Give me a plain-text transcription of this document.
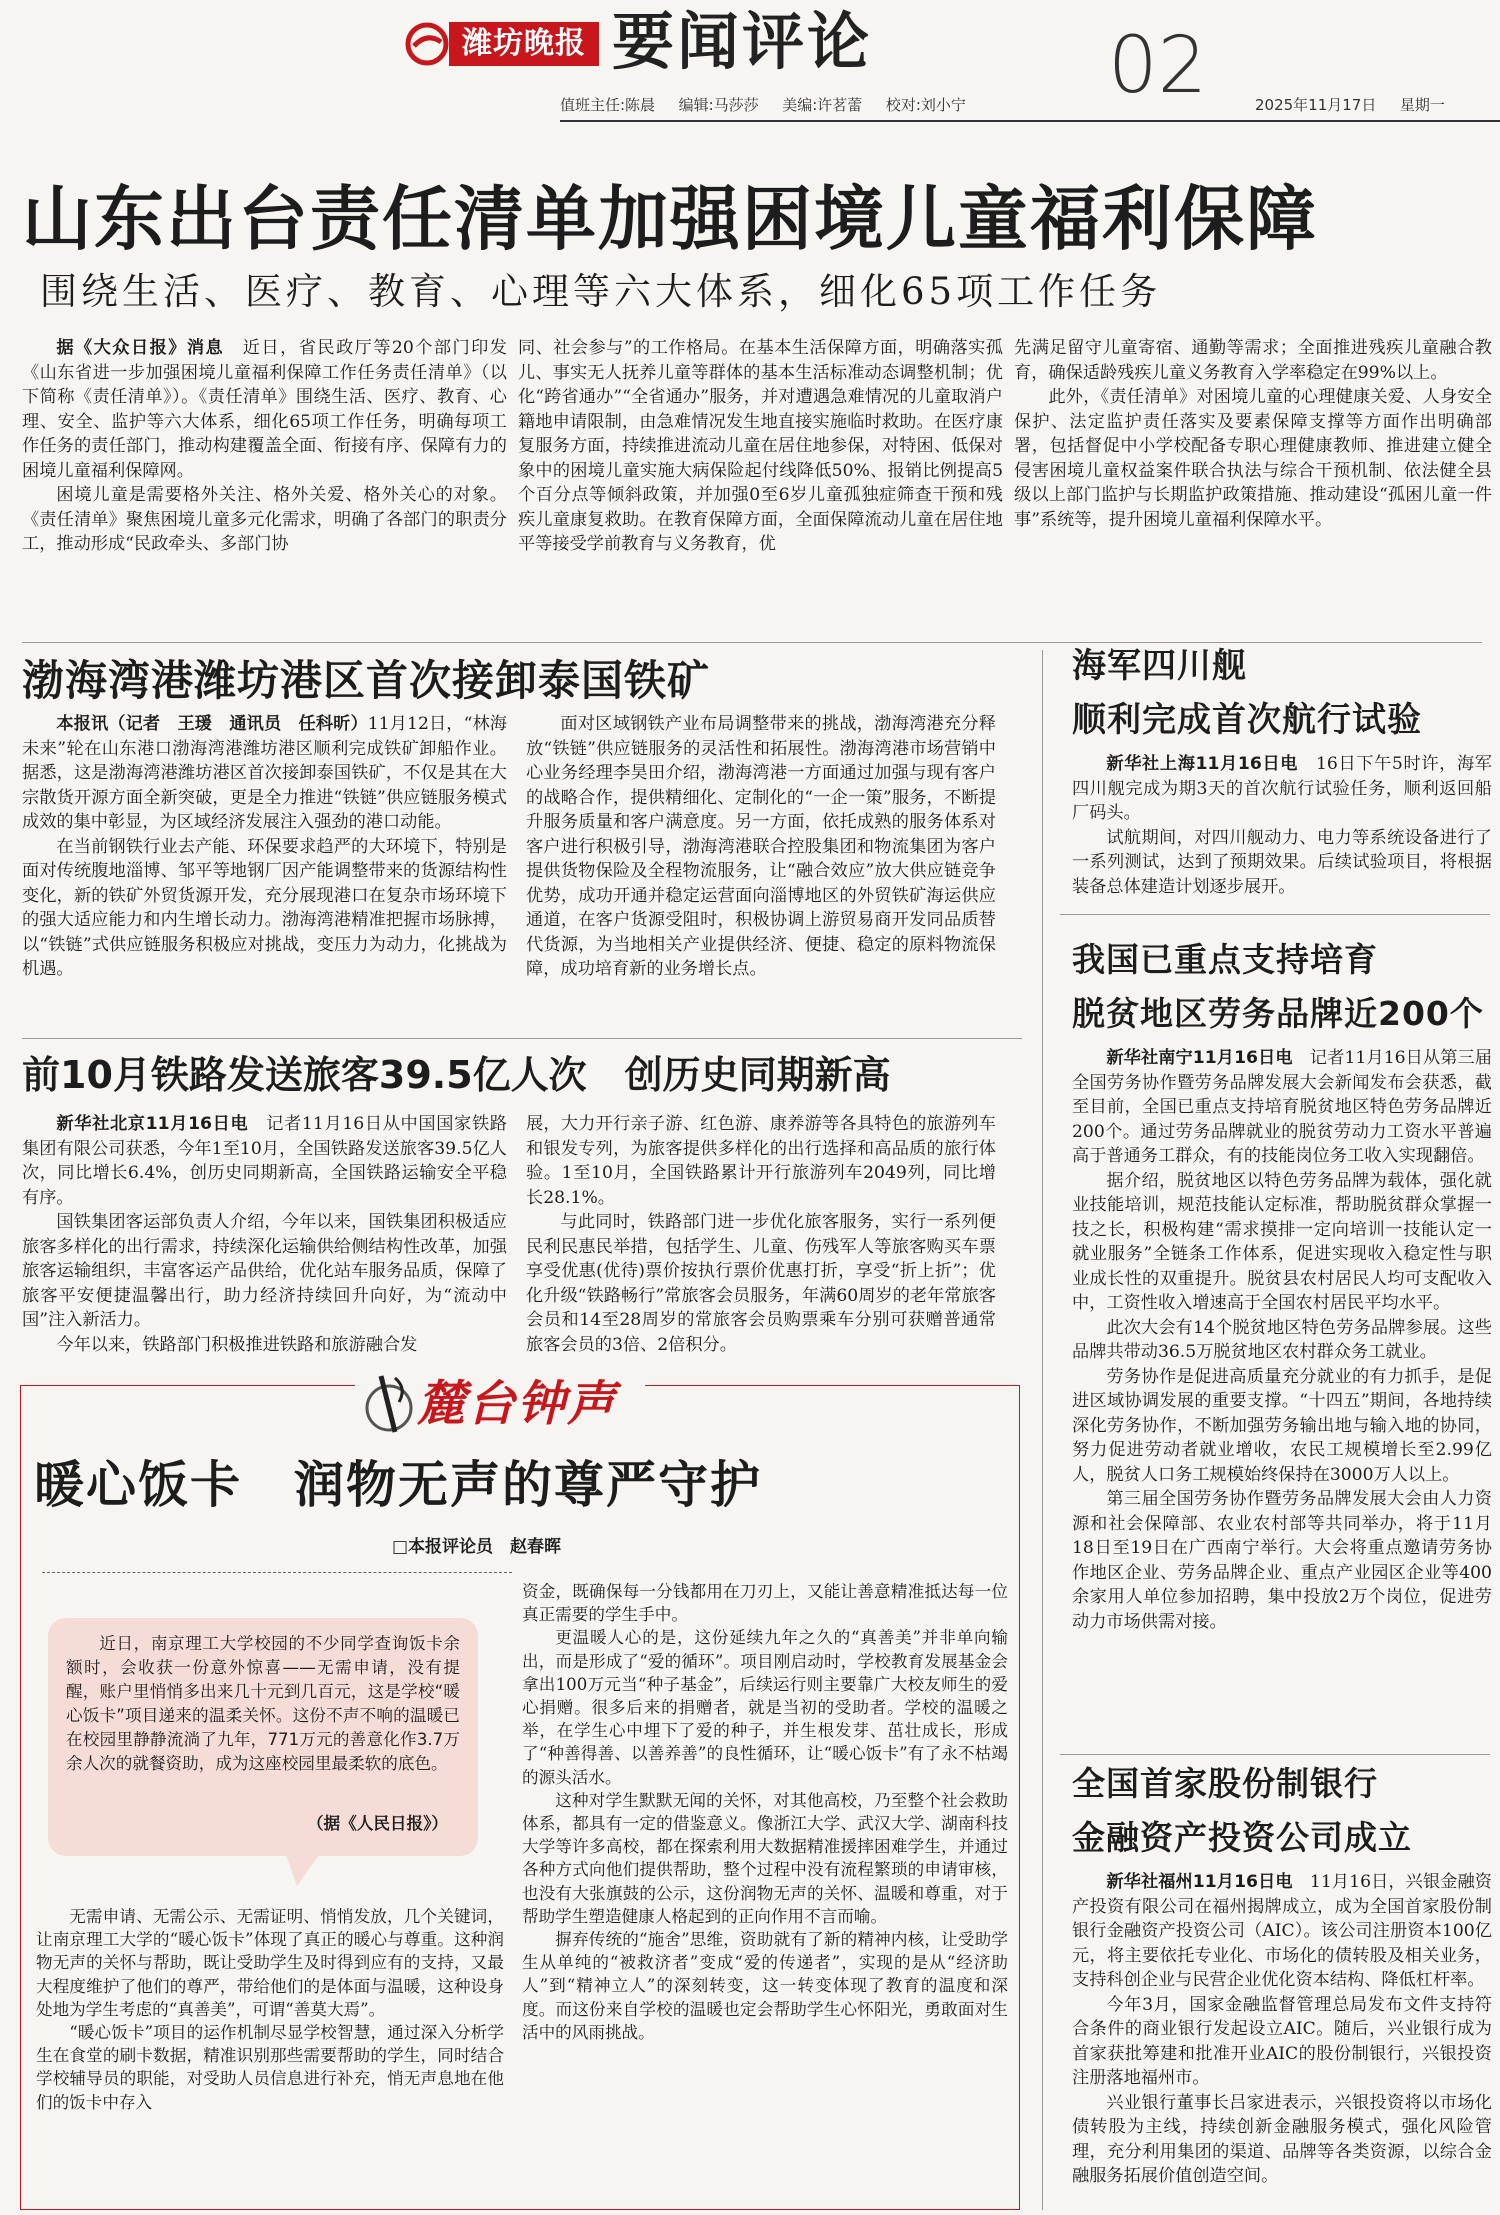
潍坊晚报 要闻评论	02
值班主任:陈晨 编辑:马莎莎 美编:许茗蕾 校对:刘小宁	2025年11月17日 星期一
山东出台责任清单加强困境儿童福利保障
围绕生活、医疗、教育、心理等六大体系，细化65项工作任务

据《大众日报》消息　 近日，省民政厅等20个部门印发《山东省进一步加强困境儿童福利保障工作任务责任清单》（以下简称《责任清单》）。《责任清单》围绕生活、医疗、教育、心理、安全、监护等六大体系，细化65项工作任务，明确每项工作任务的责任部门，推动构建覆盖全面、衔接有序、保障有力的困境儿童福利保障网。

困境儿童是需要格外关注、格外关爱、格外关心的对象。《责任清单》聚焦困境儿童多元化需求，明确了各部门的职责分工，推动形成“民政牵头、多部门协

同、社会参与”的工作格局。在基本生活保障方面，明确落实孤儿、事实无人抚养儿童等群体的基本生活标准动态调整机制；优化“跨省通办”“全省通办”服务，并对遭遇急难情况的儿童取消户籍地申请限制，由急难情况发生地直接实施临时救助。在医疗康复服务方面，持续推进流动儿童在居住地参保，对特困、低保对象中的困境儿童实施大病保险起付线降低50%、报销比例提高5个百分点等倾斜政策，并加强0至6岁儿童孤独症筛查干预和残疾儿童康复救助。在教育保障方面，全面保障流动儿童在居住地平等接受学前教育与义务教育，优

先满足留守儿童寄宿、通勤等需求；全面推进残疾儿童融合教育，确保适龄残疾儿童义务教育入学率稳定在99%以上。

此外，《责任清单》对困境儿童的心理健康关爱、人身安全保护、法定监护责任落实及要素保障支撑等方面作出明确部署，包括督促中小学校配备专职心理健康教师、推进建立健全侵害困境儿童权益案件联合执法与综合干预机制、依法健全县级以上部门监护与长期监护政策措施、推动建设“孤困儿童一件事”系统等，提升困境儿童福利保障水平。

渤海湾港潍坊港区首次接卸泰国铁矿

本报讯（记者　王瑗　通讯员　任科昕）11月12日，“林海未来”轮在山东港口渤海湾港潍坊港区顺利完成铁矿卸船作业。据悉，这是渤海湾港潍坊港区首次接卸泰国铁矿，不仅是其在大宗散货开源方面全新突破，更是全力推进“铁链”供应链服务模式成效的集中彰显，为区域经济发展注入强劲的港口动能。

在当前钢铁行业去产能、环保要求趋严的大环境下，特别是面对传统腹地淄博、邹平等地钢厂因产能调整带来的货源结构性变化，新的铁矿外贸货源开发，充分展现港口在复杂市场环境下的强大适应能力和内生增长动力。渤海湾港精准把握市场脉搏，以“铁链”式供应链服务积极应对挑战，变压力为动力，化挑战为机遇。

面对区域钢铁产业布局调整带来的挑战，渤海湾港充分释放“铁链”供应链服务的灵活性和拓展性。渤海湾港市场营销中心业务经理李昊田介绍，渤海湾港一方面通过加强与现有客户的战略合作，提供精细化、定制化的“一企一策”服务，不断提升服务质量和客户满意度。另一方面，依托成熟的服务体系对客户进行积极引导，渤海湾港联合控股集团和物流集团为客户提供货物保险及全程物流服务，让“融合效应”放大供应链竞争优势，成功开通并稳定运营面向淄博地区的外贸铁矿海运供应通道，在客户货源受阻时，积极协调上游贸易商开发同品质替代货源，为当地相关产业提供经济、便捷、稳定的原料物流保障，成功培育新的业务增长点。

前10月铁路发送旅客39.5亿人次　创历史同期新高

新华社北京11月16日电　 记者11月16日从中国国家铁路集团有限公司获悉，今年1至10月，全国铁路发送旅客39.5亿人次，同比增长6.4%，创历史同期新高，全国铁路运输安全平稳有序。

国铁集团客运部负责人介绍，今年以来，国铁集团积极适应旅客多样化的出行需求，持续深化运输供给侧结构性改革，加强旅客运输组织，丰富客运产品供给，优化站车服务品质，保障了旅客平安便捷温馨出行，助力经济持续回升向好，为“流动中国”注入新活力。

今年以来，铁路部门积极推进铁路和旅游融合发

展，大力开行亲子游、红色游、康养游等各具特色的旅游列车和银发专列，为旅客提供多样化的出行选择和高品质的旅行体验。1至10月，全国铁路累计开行旅游列车2049列，同比增长28.1%。

与此同时，铁路部门进一步优化旅客服务，实行一系列便民利民惠民举措，包括学生、儿童、伤残军人等旅客购买车票享受优惠(优待)票价按执行票价优惠打折，享受“折上折”；优化升级“铁路畅行”常旅客会员服务，年满60周岁的老年常旅客会员和14至28周岁的常旅客会员购票乘车分别可获赠普通常旅客会员的3倍、2倍积分。

麓台钟声
暖心饭卡　润物无声的尊严守护
□本报评论员　赵春晖

近日，南京理工大学校园的不少同学查询饭卡余额时，会收获一份意外惊喜——无需申请，没有提醒，账户里悄悄多出来几十元到几百元，这是学校“暖心饭卡”项目递来的温柔关怀。这份不声不响的温暖已在校园里静静流淌了九年，771万元的善意化作3.7万余人次的就餐资助，成为这座校园里最柔软的底色。

（据《人民日报》）

无需申请、无需公示、无需证明、悄悄发放，几个关键词，让南京理工大学的“暖心饭卡”体现了真正的暖心与尊重。这种润物无声的关怀与帮助，既让受助学生及时得到应有的支持，又最大程度维护了他们的尊严，带给他们的是体面与温暖，这种设身处地为学生考虑的“真善美”，可谓“善莫大焉”。

“暖心饭卡”项目的运作机制尽显学校智慧，通过深入分析学生在食堂的刷卡数据，精准识别那些需要帮助的学生，同时结合学校辅导员的职能，对受助人员信息进行补充，悄无声息地在他们的饭卡中存入

资金，既确保每一分钱都用在刀刃上，又能让善意精准抵达每一位真正需要的学生手中。

更温暖人心的是，这份延续九年之久的“真善美”并非单向输出，而是形成了“爱的循环”。项目刚启动时，学校教育发展基金会拿出100万元当“种子基金”，后续运行则主要靠广大校友师生的爱心捐赠。很多后来的捐赠者，就是当初的受助者。学校的温暖之举，在学生心中埋下了爱的种子，并生根发芽、茁壮成长，形成了“种善得善、以善养善”的良性循环，让“暖心饭卡”有了永不枯竭的源头活水。

这种对学生默默无闻的关怀，对其他高校，乃至整个社会救助体系，都具有一定的借鉴意义。像浙江大学、武汉大学、湖南科技大学等许多高校，都在探索利用大数据精准援摔困难学生，并通过各种方式向他们提供帮助，整个过程中没有流程繁琐的申请审核，也没有大张旗鼓的公示，这份润物无声的关怀、温暖和尊重，对于帮助学生塑造健康人格起到的正向作用不言而喻。

摒弃传统的“施舍”思维，资助就有了新的精神内核，让受助学生从单纯的“被救济者”变成“爱的传递者”，实现的是从“经济助人”到“精神立人”的深刻转变，这一转变体现了教育的温度和深度。而这份来自学校的温暖也定会帮助学生心怀阳光，勇敢面对生活中的风雨挑战。

海军四川舰
顺利完成首次航行试验

新华社上海11月16日电　 16日下午5时许，海军四川舰完成为期3天的首次航行试验任务，顺利返回船厂码头。

试航期间，对四川舰动力、电力等系统设备进行了一系列测试，达到了预期效果。后续试验项目，将根据装备总体建造计划逐步展开。

我国已重点支持培育
脱贫地区劳务品牌近200个

新华社南宁11月16日电　 记者11月16日从第三届全国劳务协作暨劳务品牌发展大会新闻发布会获悉，截至目前，全国已重点支持培育脱贫地区特色劳务品牌近200个。通过劳务品牌就业的脱贫劳动力工资水平普遍高于普通务工群众，有的技能岗位务工收入实现翻倍。

据介绍，脱贫地区以特色劳务品牌为载体，强化就业技能培训，规范技能认定标准，帮助脱贫群众掌握一技之长，积极构建“需求摸排一定向培训一技能认定一就业服务”全链条工作体系，促进实现收入稳定性与职业成长性的双重提升。脱贫县农村居民人均可支配收入中，工资性收入增速高于全国农村居民平均水平。

此次大会有14个脱贫地区特色劳务品牌参展。这些品牌共带动36.5万脱贫地区农村群众务工就业。

劳务协作是促进高质量充分就业的有力抓手，是促进区域协调发展的重要支撑。“十四五”期间，各地持续深化劳务协作，不断加强劳务输出地与输入地的协同，努力促进劳动者就业增收，农民工规模增长至2.99亿人，脱贫人口务工规模始终保持在3000万人以上。

第三届全国劳务协作暨劳务品牌发展大会由人力资源和社会保障部、农业农村部等共同举办，将于11月18日至19日在广西南宁举行。大会将重点邀请劳务协作地区企业、劳务品牌企业、重点产业园区企业等400余家用人单位参加招聘，集中投放2万个岗位，促进劳动力市场供需对接。

全国首家股份制银行
金融资产投资公司成立

新华社福州11月16日电　 11月16日，兴银金融资产投资有限公司在福州揭牌成立，成为全国首家股份制银行金融资产投资公司（AIC）。该公司注册资本100亿元，将主要依托专业化、市场化的债转股及相关业务，支持科创企业与民营企业优化资本结构、降低杠杆率。

今年3月，国家金融监督管理总局发布文件支持符合条件的商业银行发起设立AIC。随后，兴业银行成为首家获批筹建和批准开业AIC的股份制银行，兴银投资注册落地福州市。

兴业银行董事长吕家进表示，兴银投资将以市场化债转股为主线，持续创新金融服务模式，强化风险管理，充分利用集团的渠道、品牌等各类资源，以综合金融服务拓展价值创造空间。
